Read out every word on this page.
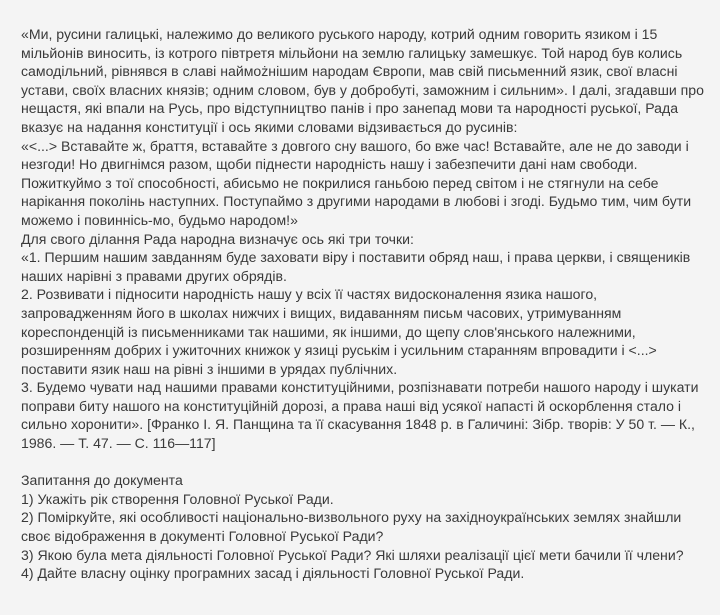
«Ми, русини галицькі, належимо до великого руського народу, котрий одним говорить язиком і 15 мільйонів виносить, із котрого півтретя мільйони на землю галицьку замешкує. Той народ був колись самодільний, рівнявся в славі наймożнішим народам Європи, мав свій письменний язик, свої власні устави, своїх власних князів; одним словом, був у добробуті, заможним і сильним». І далі, згадавши про нещастя, які впали на Русь, про відступництво панів і про занепад мови та народності руської, Рада вказує на надання конституції і ось якими словами відзивається до русинів:

«<...> Вставайте ж, браття, вставайте з довгого сну вашого, бо вже час! Вставайте, але не до заводи і незгоди! Но двигнімся разом, щоби піднести народність нашу і забезпечити дані нам свободи. Пожиткуймо з тої способності, абисьмо не покрилися ганьбою перед світом і не стягнули на себе нарікання поколінь наступних. Поступаймо з другими народами в любові і згоді. Будьмо тим, чим бути можемо і повиннісь-мо, будьмо народом!»

Для свого ділання Рада народна визначує ось які три точки:

«1. Першим нашим завданням буде заховати віру і поставити обряд наш, і права церкви, і священиків наших нарівні з правами других обрядів.

2. Розвивати і підносити народність нашу у всіх її частях видосконалення язика нашого, запровадженням його в школах нижчих і вищих, видаванням письм часових, утримуванням кореспонденцій із письменниками так нашими, як іншими, до щепу слов'янського належними, розширенням добрих і ужиточних книжок у язиці руськім і усильним старанням впровадити і <...> поставити язик наш на рівні з іншими в урядах публічних.

3. Будемо чувати над нашими правами конституційними, розпізнавати потреби нашого народу і шукати поправи биту нашого на конституційній дорозі, а права наші від усякої напасті й оскорблення стало і сильно хоронити». [Франко І. Я. Панщина та її скасування 1848 р. в Галичині: Зібр. творів: У 50 т. — К., 1986. — Т. 47. — С. 116—117]

Запитання до документа

1) Укажіть рік створення Головної Руської Ради.

2) Поміркуйте, які особливості національно-визвольного руху на західноукраїнських землях знайшли своє відображення в документі Головної Руської Ради?

3) Якою була мета діяльності Головної Руської Ради? Які шляхи реалізації цієї мети бачили її члени?

4) Дайте власну оцінку програмних засад і діяльності Головної Руської Ради.
